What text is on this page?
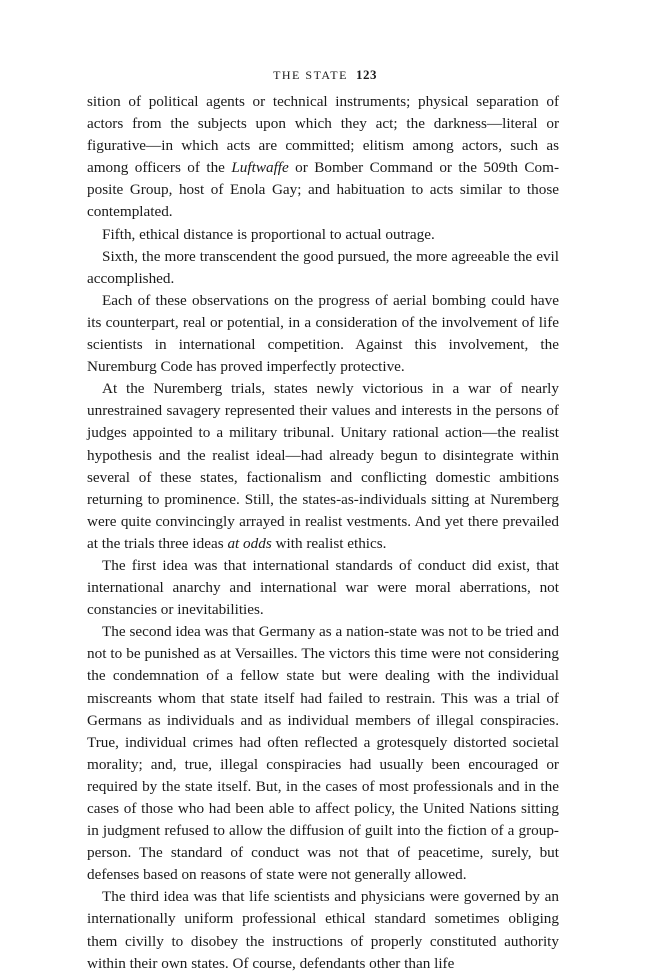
THE STATE 123

sition of political agents or technical instruments; physical separation of actors from the subjects upon which they act; the darkness—literal or figurative—in which acts are committed; elitism among actors, such as among officers of the Luftwaffe or Bomber Command or the 509th Composite Group, host of Enola Gay; and habituation to acts similar to those contemplated.

Fifth, ethical distance is proportional to actual outrage.

Sixth, the more transcendent the good pursued, the more agreeable the evil accomplished.

Each of these observations on the progress of aerial bombing could have its counterpart, real or potential, in a consideration of the involvement of life scientists in international competition. Against this involvement, the Nuremburg Code has proved imperfectly protective.

At the Nuremberg trials, states newly victorious in a war of nearly unrestrained savagery represented their values and interests in the persons of judges appointed to a military tribunal. Unitary rational action—the realist hypothesis and the realist ideal—had already begun to disintegrate within several of these states, factionalism and conflicting domestic ambitions returning to prominence. Still, the states-as-individuals sitting at Nuremberg were quite convincingly arrayed in realist vestments. And yet there prevailed at the trials three ideas at odds with realist ethics.

The first idea was that international standards of conduct did exist, that international anarchy and international war were moral aberrations, not constancies or inevitabilities.

The second idea was that Germany as a nation-state was not to be tried and not to be punished as at Versailles. The victors this time were not considering the condemnation of a fellow state but were dealing with the individual miscreants whom that state itself had failed to restrain. This was a trial of Germans as individuals and as individual members of illegal conspiracies. True, individual crimes had often reflected a grotesquely distorted societal morality; and, true, illegal conspiracies had usually been encouraged or required by the state itself. But, in the cases of most professionals and in the cases of those who had been able to affect policy, the United Nations sitting in judgment refused to allow the diffusion of guilt into the fiction of a group-person. The standard of conduct was not that of peacetime, surely, but defenses based on reasons of state were not generally allowed.

The third idea was that life scientists and physicians were governed by an internationally uniform professional ethical standard sometimes obliging them civilly to disobey the instructions of properly constituted authority within their own states. Of course, defendants other than life
